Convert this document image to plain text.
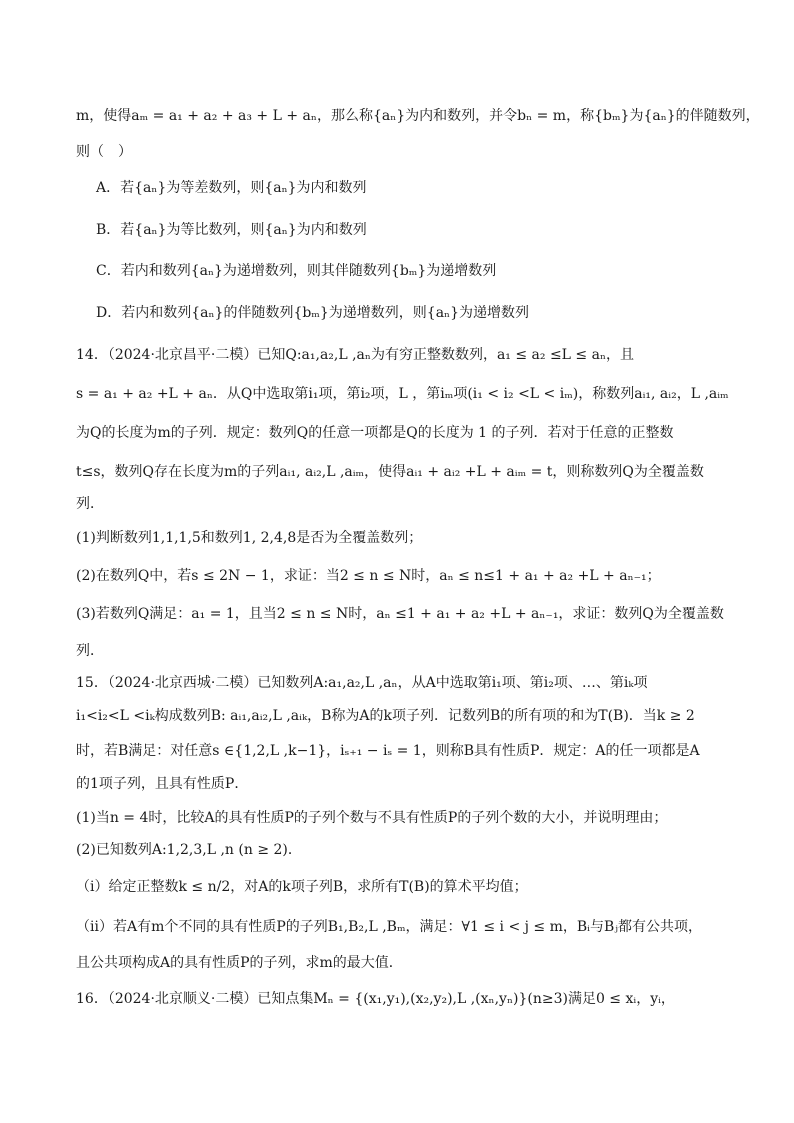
m，使得aₘ = a₁ + a₂ + a₃ + L + aₙ，那么称{aₙ}为内和数列，并令bₙ = m，称{bₘ}为{aₙ}的伴随数列，
则（　）
A．若{aₙ}为等差数列，则{aₙ}为内和数列
B．若{aₙ}为等比数列，则{aₙ}为内和数列
C．若内和数列{aₙ}为递增数列，则其伴随数列{bₘ}为递增数列
D．若内和数列{aₙ}的伴随数列{bₘ}为递增数列，则{aₙ}为递增数列
14．（2024·北京昌平·二模）已知Q:a₁,a₂,L ,aₙ为有穷正整数数列，a₁ ≤ a₂ ≤L ≤ aₙ，且
s = a₁ + a₂ +L + aₙ．从Q中选取第i₁项，第i₂项，L ，第iₘ项(i₁ < i₂ <L < iₘ)，称数列aᵢ₁, aᵢ₂，L ,aᵢₘ
为Q的长度为m的子列．规定：数列Q的任意一项都是Q的长度为 1 的子列．若对于任意的正整数
t≤s，数列Q存在长度为m的子列aᵢ₁, aᵢ₂,L ,aᵢₘ，使得aᵢ₁ + aᵢ₂ +L + aᵢₘ = t，则称数列Q为全覆盖数
列．
(1)判断数列1,1,1,5和数列1, 2,4,8是否为全覆盖数列；
(2)在数列Q中，若s ≤ 2N − 1，求证：当2 ≤ n ≤ N时，aₙ ≤ n≤1 + a₁ + a₂ +L + aₙ₋₁；
(3)若数列Q满足：a₁ = 1，且当2 ≤ n ≤ N时，aₙ ≤1 + a₁ + a₂ +L + aₙ₋₁，求证：数列Q为全覆盖数
列．
15．（2024·北京西城·二模）已知数列A:a₁,a₂,L ,aₙ，从A中选取第i₁项、第i₂项、…、第iₖ项
i₁<i₂<L <iₖ构成数列B: aᵢ₁,aᵢ₂,L ,aᵢₖ，B称为A的k项子列．记数列B的所有项的和为T(B)．当k ≥ 2
时，若B满足：对任意s ∈{1,2,L ,k−1}，iₛ₊₁ − iₛ = 1，则称B具有性质P．规定：A的任一项都是A
的1项子列，且具有性质P．
(1)当n = 4时，比较A的具有性质P的子列个数与不具有性质P的子列个数的大小，并说明理由；
(2)已知数列A:1,2,3,L ,n (n ≥ 2)．
（ⅰ）给定正整数k ≤ n/2，对A的k项子列B，求所有T(B)的算术平均值；
（ⅱ）若A有m个不同的具有性质P的子列B₁,B₂,L ,Bₘ，满足：∀1 ≤ i < j ≤ m，Bᵢ与Bⱼ都有公共项，
且公共项构成A的具有性质P的子列，求m的最大值．
16．（2024·北京顺义·二模）已知点集Mₙ = {(x₁,y₁),(x₂,y₂),L ,(xₙ,yₙ)}(n≥3)满足0 ≤ xᵢ，yᵢ，
